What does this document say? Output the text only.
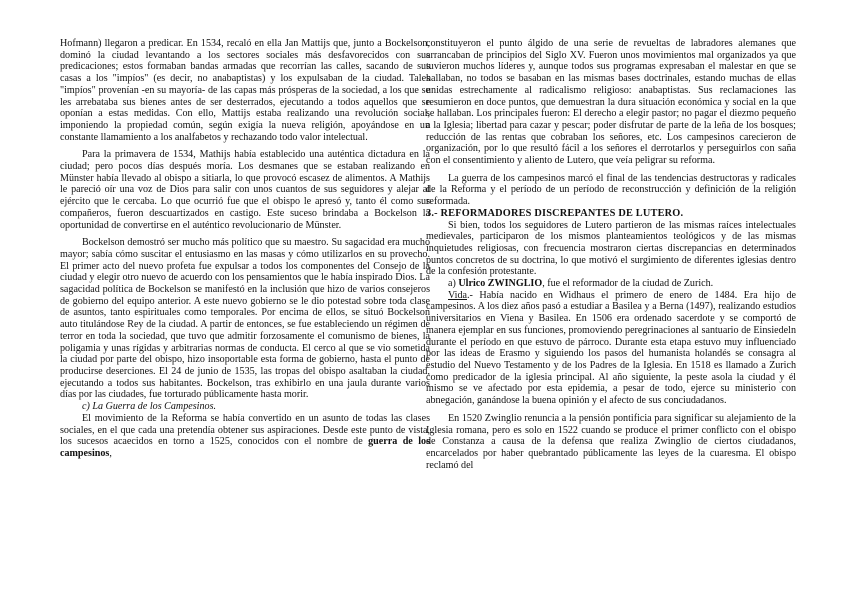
Hofmann) llegaron a predicar. En 1534, recaló en ella Jan Mattijs que, junto a Bockelson, dominó la ciudad levantando a los sectores sociales más desfavorecidos con sus predicaciones; estos formaban bandas armadas que recorrían las calles, sacando de sus casas a los "impíos" (es decir, no anabaptistas) y los expulsaban de la ciudad. Tales "impíos" provenían -en su mayoría- de las capas más prósperas de la sociedad, a los que se les arrebataba sus bienes antes de ser desterrados, ejecutando a todos aquellos que se oponían a estas medidas. Con ello, Mattijs estaba realizando una revolución social, imponiendo la propiedad común, según exigía la nueva religión, apoyándose en un constante llamamiento a los analfabetos y rechazando todo valor intelectual.

Para la primavera de 1534, Mathijs había establecido una auténtica dictadura en la ciudad; pero pocos días después moría. Los desmanes que se estaban realizando en Münster había llevado al obispo a sitiarla, lo que provocó escasez de alimentos. A Mathijs le pareció oír una voz de Dios para salir con unos cuantos de sus seguidores y alejar al ejército que le cercaba. Lo que ocurrió fue que el obispo le apresó y, tanto él como sus compañeros, fueron descuartizados en castigo. Este suceso brindaba a Bockelson la oportunidad de convertirse en el auténtico revolucionario de Münster.

Bockelson demostró ser mucho más político que su maestro. Su sagacidad era mucho mayor; sabía cómo suscitar el entusiasmo en las masas y cómo utilizarlos en su provecho. El primer acto del nuevo profeta fue expulsar a todos los componentes del Consejo de la ciudad y elegir otro nuevo de acuerdo con los pensamientos que le había inspirado Dios. La sagacidad política de Bockelson se manifestó en la inclusión que hizo de varios consejeros de gobierno del equipo anterior. A este nuevo gobierno se le dio potestad sobre toda clase de asuntos, tanto espirituales como temporales. Por encima de ellos, se situó Bockelson auto titulándose Rey de la ciudad. A partir de entonces, se fue estableciendo un régimen de terror en toda la sociedad, que tuvo que admitir forzosamente el comunismo de bienes, la poligamia y unas rígidas y arbitrarias normas de conducta. El cerco al que se vio sometida la ciudad por parte del obispo, hizo insoportable esta forma de gobierno, hasta el punto de producirse deserciones. El 24 de junio de 1535, las tropas del obispo asaltaban la ciudad, ejecutando a todos sus habitantes. Bockelson, tras exhibirlo en una jaula durante varios días por las ciudades, fue torturado públicamente hasta morir.

c) La Guerra de los Campesinos.

El movimiento de la Reforma se había convertido en un asunto de todas las clases sociales, en el que cada una pretendía obtener sus aspiraciones. Desde este punto de vista, los sucesos acaecidos en torno a 1525, conocidos con el nombre de guerra de los campesinos,

constituyeron el punto álgido de una serie de revueltas de labradores alemanes que arrancaban de principios del Siglo XV. Fueron unos movimientos mal organizados ya que tuvieron muchos líderes y, aunque todos sus programas expresaban el malestar en que se hallaban, no todos se basaban en las mismas bases doctrinales, estando muchas de ellas unidas estrechamente al radicalismo religioso: anabaptistas. Sus reclamaciones las resumieron en doce puntos, que demuestran la dura situación económica y social en la que se hallaban. Los principales fueron: El derecho a elegir pastor; no pagar el diezmo pequeño a la Iglesia; libertad para cazar y pescar; poder disfrutar de parte de la leña de los bosques; reducción de las rentas que cobraban los señores, etc. Los campesinos carecieron de organización, por lo que resultó fácil a los señores el derrotarlos y perseguirlos con saña con el consentimiento y aliento de Lutero, que veía peligrar su reforma.

La guerra de los campesinos marcó el final de las tendencias destructoras y radicales de la Reforma y el período de un período de reconstrucción y definición de la religión reformada.

3.- REFORMADORES DISCREPANTES DE LUTERO.

Si bien, todos los seguidores de Lutero partieron de las mismas raíces intelectuales medievales, participaron de los mismos planteamientos teológicos y de las mismas inquietudes religiosas, con frecuencia mostraron ciertas discrepancias en determinados puntos concretos de su doctrina, lo que motivó el surgimiento de diferentes iglesias dentro de la confesión protestante.

a) Ulrico ZWINGLIO, fue el reformador de la ciudad de Zurich.

Vida.- Había nacido en Widhaus el primero de enero de 1484. Era hijo de campesinos. A los diez años pasó a estudiar a Basilea y a Berna (1497), realizando estudios universitarios en Viena y Basilea. En 1506 era ordenado sacerdote y se comportó de manera ejemplar en sus funciones, promoviendo peregrinaciones al santuario de Einsiedeln durante el período en que estuvo de párroco. Durante esta etapa estuvo muy influenciado por las ideas de Erasmo y siguiendo los pasos del humanista holandés se consagra al estudio del Nuevo Testamento y de los Padres de la Iglesia. En 1518 es llamado a Zurich como predicador de la iglesia principal. Al año siguiente, la peste asola la ciudad y él mismo se ve afectado por esta epidemia, a pesar de todo, ejerce su ministerio con abnegación, ganándose la buena opinión y el afecto de sus conciudadanos.

En 1520 Zwinglio renuncia a la pensión pontificia para significar su alejamiento de la Iglesia romana, pero es solo en 1522 cuando se produce el primer conflicto con el obispo de Constanza a causa de la defensa que realiza Zwinglio de ciertos ciudadanos, encarcelados por haber quebrantado públicamente las leyes de la cuaresma. El obispo reclamó del
